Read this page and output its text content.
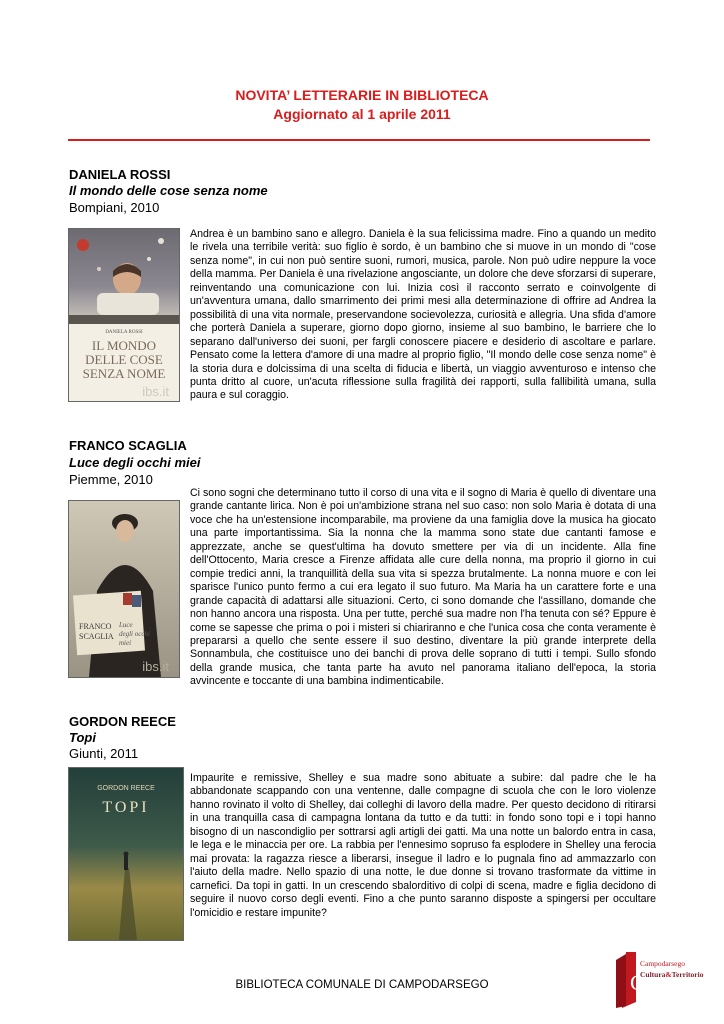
NOVITA’ LETTERARIE IN BIBLIOTECA
Aggiornato al 1 aprile 2011
DANIELA ROSSI
Il mondo delle cose senza nome
Bompiani, 2010
DANIELA ROSSI
IL MONDO
DELLE COSE
SENZA NOME
ibs.it

Andrea è un bambino sano e allegro. Daniela è la sua felicissima madre. Fino a quando un medito le rivela una terribile verità: suo figlio è sordo, è un bambino che si muove in un mondo di "cose senza nome", in cui non può sentire suoni, rumori, musica, parole. Non può udire neppure la voce della mamma. Per Daniela è una rivelazione angosciante, un dolore che deve sforzarsi di superare, reinventando una comunicazione con lui. Inizia così il racconto serrato e coinvolgente di un'avventura umana, dallo smarrimento dei primi mesi alla determinazione di offrire ad Andrea la possibilità di una vita normale, preservandone socievolezza, curiosità e allegria. Una sfida d'amore che porterà Daniela a superare, giorno dopo giorno, insieme al suo bambino, le barriere che lo separano dall'universo dei suoni, per fargli conoscere piacere e desiderio di ascoltare e parlare. Pensato come la lettera d'amore di una madre al proprio figlio, "Il mondo delle cose senza nome" è la storia dura e dolcissima di una scelta di fiducia e libertà, un viaggio avventuroso e intenso che punta dritto al cuore, un'acuta riflessione sulla fragilità dei rapporti, sulla fallibilità umana, sulla paura e sul coraggio.

FRANCO SCAGLIA
Luce degli occhi miei
Piemme, 2010
FRANCO
SCAGLIA
Luce
degli occhi
miei
ibs.it

Ci sono sogni che determinano tutto il corso di una vita e il sogno di Maria è quello di diventare una grande cantante lirica. Non è poi un'ambizione strana nel suo caso: non solo Maria è dotata di una voce che ha un'estensione incomparabile, ma proviene da una famiglia dove la musica ha giocato una parte importantissima. Sia la nonna che la mamma sono state due cantanti famose e apprezzate, anche se quest'ultima ha dovuto smettere per via di un incidente. Alla fine dell'Ottocento, Maria cresce a Firenze affidata alle cure della nonna, ma proprio il giorno in cui compie tredici anni, la tranquillità della sua vita si spezza brutalmente. La nonna muore e con lei sparisce l'unico punto fermo a cui era legato il suo futuro. Ma Maria ha un carattere forte e una grande capacità di adattarsi alle situazioni. Certo, ci sono domande che l'assillano, domande che non hanno ancora una risposta. Una per tutte, perché sua madre non l'ha tenuta con sé? Eppure è come se sapesse che prima o poi i misteri si chiariranno e che l'unica cosa che conta veramente è prepararsi a quello che sente essere il suo destino, diventare la più grande interprete della Sonnambula, che costituisce uno dei banchi di prova delle soprano di tutti i tempi. Sullo sfondo della grande musica, che tanta parte ha avuto nel panorama italiano dell'epoca, la storia avvincente e toccante di una bambina indimenticabile.

GORDON REECE
Topi
Giunti, 2011
GORDON REECE
TOPI

Impaurite e remissive, Shelley e sua madre sono abituate a subire: dal padre che le ha abbandonate scappando con una ventenne, dalle compagne di scuola che con le loro violenze hanno rovinato il volto di Shelley, dai colleghi di lavoro della madre. Per questo decidono di ritirarsi in una tranquilla casa di campagna lontana da tutto e da tutti: in fondo sono topi e i topi hanno bisogno di un nascondiglio per sottrarsi agli artigli dei gatti. Ma una notte un balordo entra in casa, le lega e le minaccia per ore. La rabbia per l'ennesimo sopruso fa esplodere in Shelley una ferocia mai provata: la ragazza riesce a liberarsi, insegue il ladro e lo pugnala fino ad ammazzarlo con l'aiuto della madre. Nello spazio di una notte, le due donne si trovano trasformate da vittime in carnefici. Da topi in gatti. In un crescendo sbalorditivo di colpi di scena, madre e figlia decidono di seguire il nuovo corso degli eventi. Fino a che punto saranno disposte a spingersi per occultare l'omicidio e restare impunite?

BIBLIOTECA COMUNALE DI CAMPODARSEGO	C
Campodarsego
Cultura&Territorio
